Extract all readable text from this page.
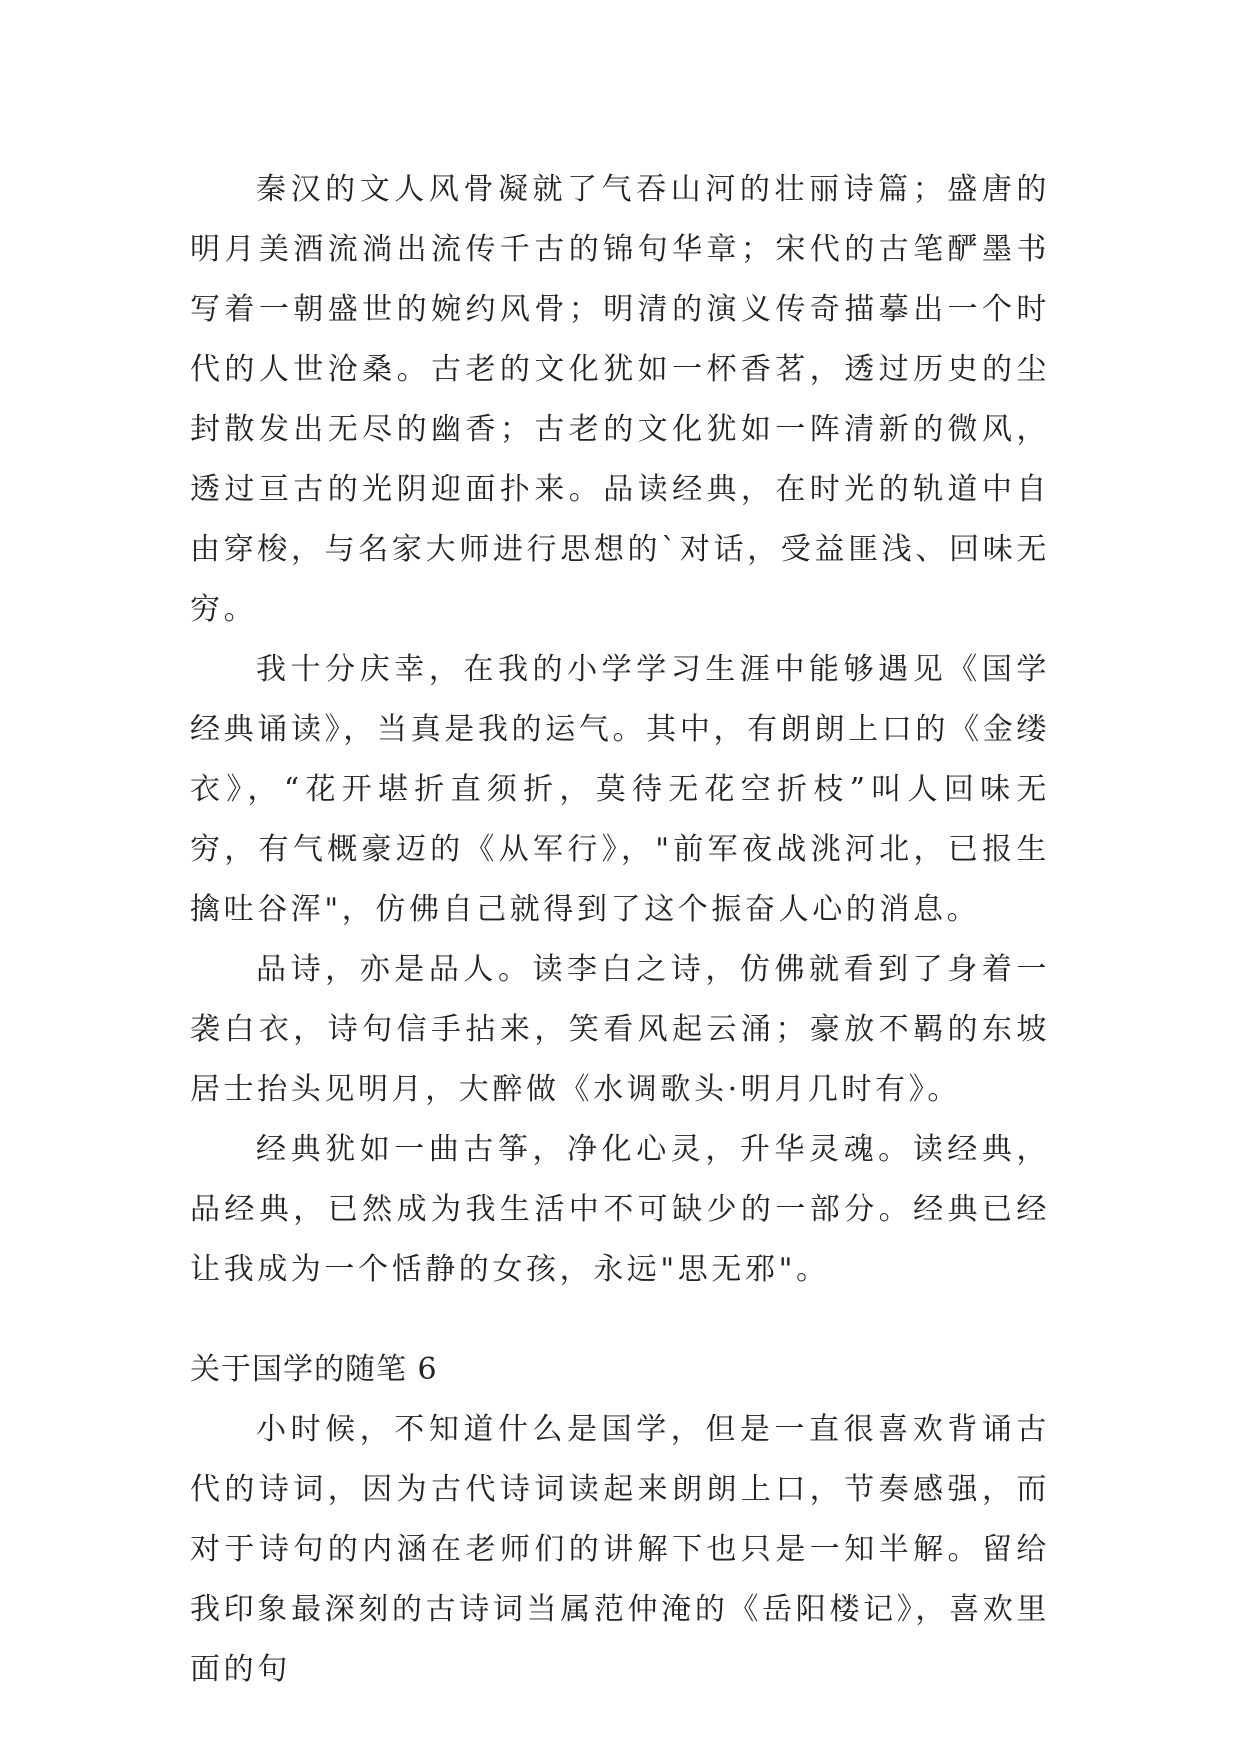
秦汉的文人风骨凝就了气吞山河的壮丽诗篇；盛唐的明月美酒流淌出流传千古的锦句华章；宋代的古笔酽墨书写着一朝盛世的婉约风骨；明清的演义传奇描摹出一个时代的人世沧桑。古老的文化犹如一杯香茗，透过历史的尘封散发出无尽的幽香；古老的文化犹如一阵清新的微风，透过亘古的光阴迎面扑来。品读经典，在时光的轨道中自由穿梭，与名家大师进行思想的`对话，受益匪浅、回味无穷。

我十分庆幸，在我的小学学习生涯中能够遇见《国学经典诵读》，当真是我的运气。其中，有朗朗上口的《金缕衣》，“花开堪折直须折，莫待无花空折枝”叫人回味无穷，有气概豪迈的《从军行》，"前军夜战洮河北，已报生擒吐谷浑"，仿佛自己就得到了这个振奋人心的消息。

品诗，亦是品人。读李白之诗，仿佛就看到了身着一袭白衣，诗句信手拈来，笑看风起云涌；豪放不羁的东坡居士抬头见明月，大醉做《水调歌头·明月几时有》。

经典犹如一曲古筝，净化心灵，升华灵魂。读经典，品经典，已然成为我生活中不可缺少的一部分。经典已经让我成为一个恬静的女孩，永远"思无邪"。

关于国学的随笔 6

小时候，不知道什么是国学，但是一直很喜欢背诵古代的诗词，因为古代诗词读起来朗朗上口，节奏感强，而对于诗句的内涵在老师们的讲解下也只是一知半解。留给我印象最深刻的古诗词当属范仲淹的《岳阳楼记》，喜欢里面的句
